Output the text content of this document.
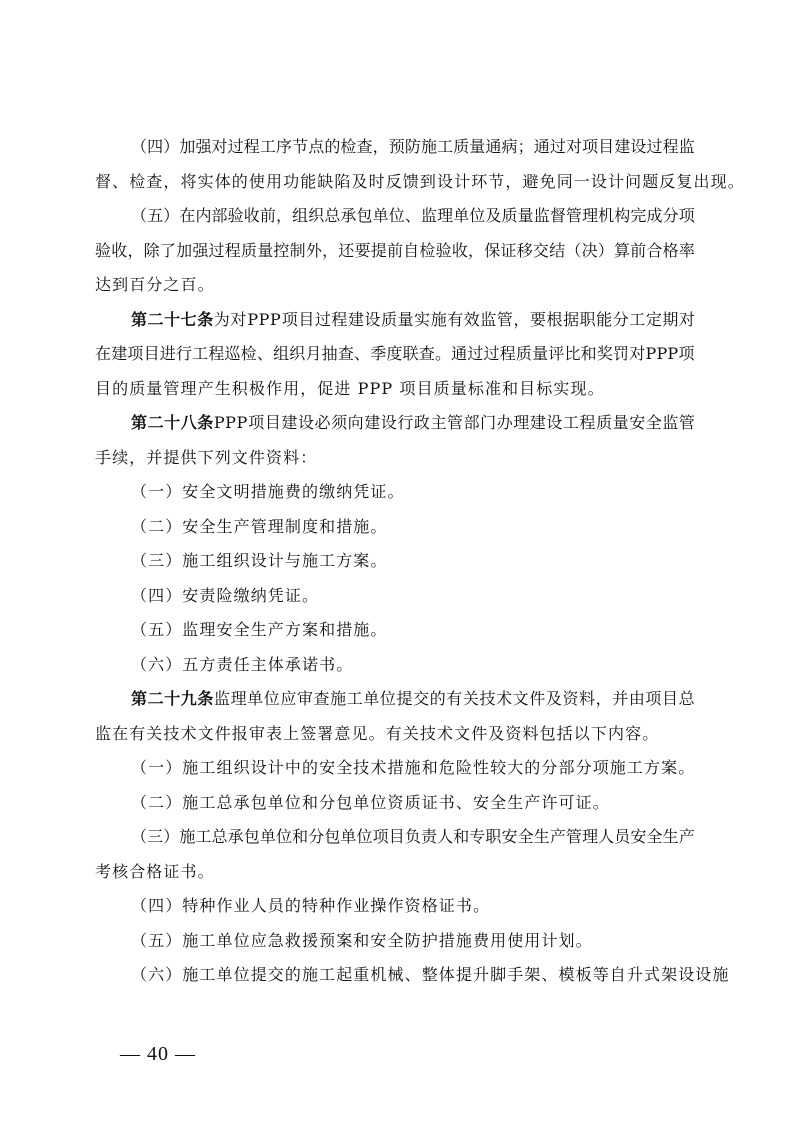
（ 四 ） 加 强 对 过 程 工 序 节 点 的 检 查 ， 预 防 施 工 质 量 通 病 ； 通 过 对 项 目 建 设 过 程 监
督、检查，将实体的使用功能缺陷及时反馈到设计环节，避免同一设计问题反复出现。
（ 五 ） 在 内 部 验 收 前 ， 组 织 总 承 包 单 位 、 监 理 单 位 及 质 量 监 督 管 理 机 构 完 成 分 项
验 收 ， 除 了 加 强 过 程 质 量 控 制 外 ， 还 要 提 前 自 检 验 收 ， 保 证 移 交 结 （ 决 ） 算 前 合 格 率
达到百分之百。
第 二 十 七 条 为 对 P P P 项 目 过 程 建 设 质 量 实 施 有 效 监 管 ， 要 根 据 职 能 分 工 定 期 对
在 建 项 目 进 行 工 程 巡 检 、 组 织 月 抽 查 、 季 度 联 查 。 通 过 过 程 质 量 评 比 和 奖 罚 对 P P P 项
目的质量管理产生积极作用，促进 PPP 项目质量标准和目标实现。
第 二 十 八 条 P P P 项 目 建 设 必 须 向 建 设 行 政 主 管 部 门 办 理 建 设 工 程 质 量 安 全 监 管
手续，并提供下列文件资料：
（一）安全文明措施费的缴纳凭证。
（二）安全生产管理制度和措施。
（三）施工组织设计与施工方案。
（四）安责险缴纳凭证。
（五）监理安全生产方案和措施。
（六）五方责任主体承诺书。
第 二 十 九 条 监 理 单 位 应 审 查 施 工 单 位 提 交 的 有 关 技 术 文 件 及 资 料 ， 并 由 项 目 总
监在有关技术文件报审表上签署意见。有关技术文件及资料包括以下内容。
（一）施工组织设计中的安全技术措施和危险性较大的分部分项施工方案。
（二）施工总承包单位和分包单位资质证书、安全生产许可证。
（ 三 ） 施 工 总 承 包 单 位 和 分 包 单 位 项 目 负 责 人 和 专 职 安 全 生 产 管 理 人 员 安 全 生 产
考核合格证书。
（四）特种作业人员的特种作业操作资格证书。
（五）施工单位应急救援预案和安全防护措施费用使用计划。
（六）施工单位提交的施工起重机械、整体提升脚手架、模板等自升式架设设施
— 40 —
